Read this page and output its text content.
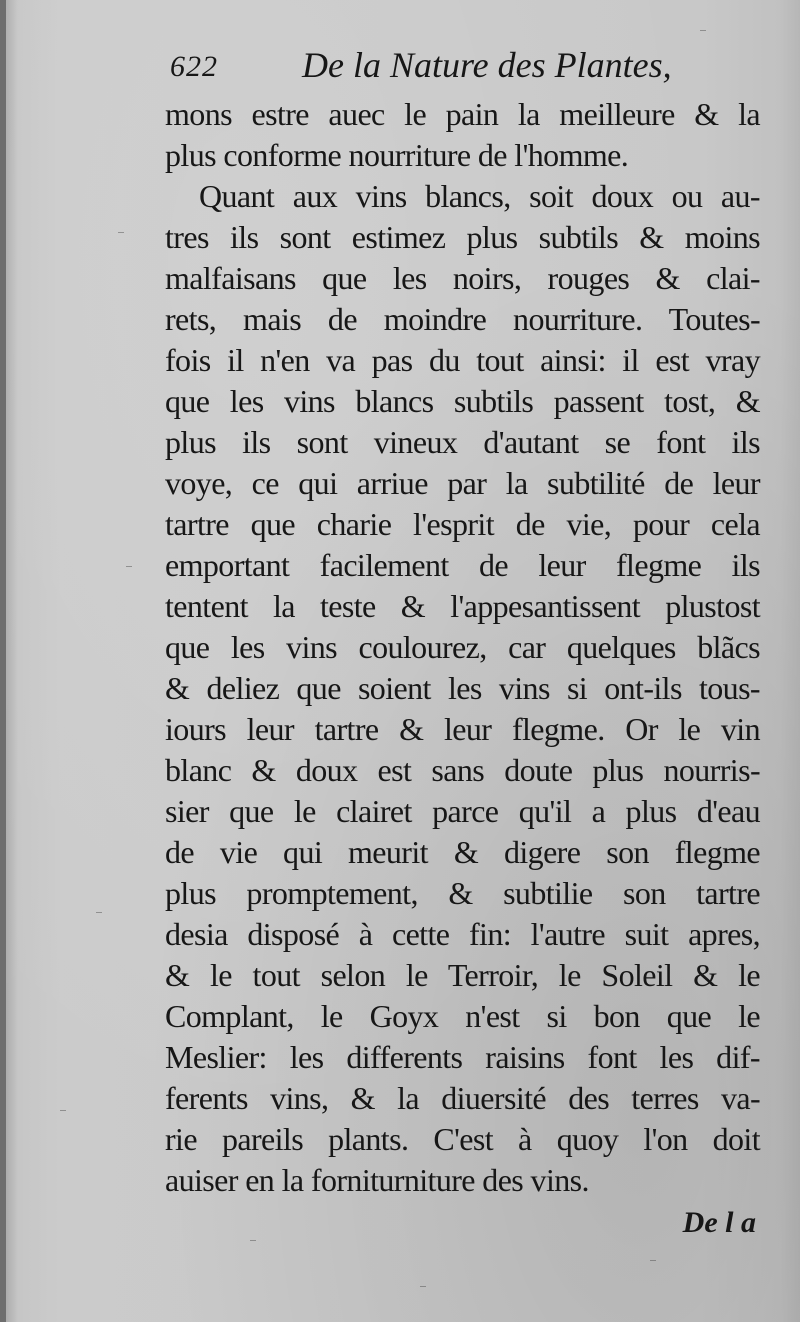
622 De la Nature des Plantes,
mons estre auec le pain la meilleure & la
plus conforme nourriture de l'homme.
Quant aux vins blancs, soit doux ou au-
tres ils sont estimez plus subtils & moins
malfaisans que les noirs, rouges & clai-
rets, mais de moindre nourriture. Toutes-
fois il n'en va pas du tout ainsi: il est vray
que les vins blancs subtils passent tost, &
plus ils sont vineux d'autant se font ils
voye, ce qui arriue par la subtilité de leur
tartre que charie l'esprit de vie, pour cela
emportant facilement de leur flegme ils
tentent la teste & l'appesantissent plustost
que les vins coulourez, car quelques blãcs
& deliez que soient les vins si ont-ils tous-
iours leur tartre & leur flegme. Or le vin
blanc & doux est sans doute plus nourris-
sier que le clairet parce qu'il a plus d'eau
de vie qui meurit & digere son flegme
plus promptement, & subtilie son tartre
desia disposé à cette fin: l'autre suit apres,
& le tout selon le Terroir, le Soleil & le
Complant, le Goyx n'est si bon que le
Meslier: les differents raisins font les dif-
ferents vins, & la diuersité des terres va-
rie pareils plants. C'est à quoy l'on doit
auiser en la forniturniture des vins.
De l a
